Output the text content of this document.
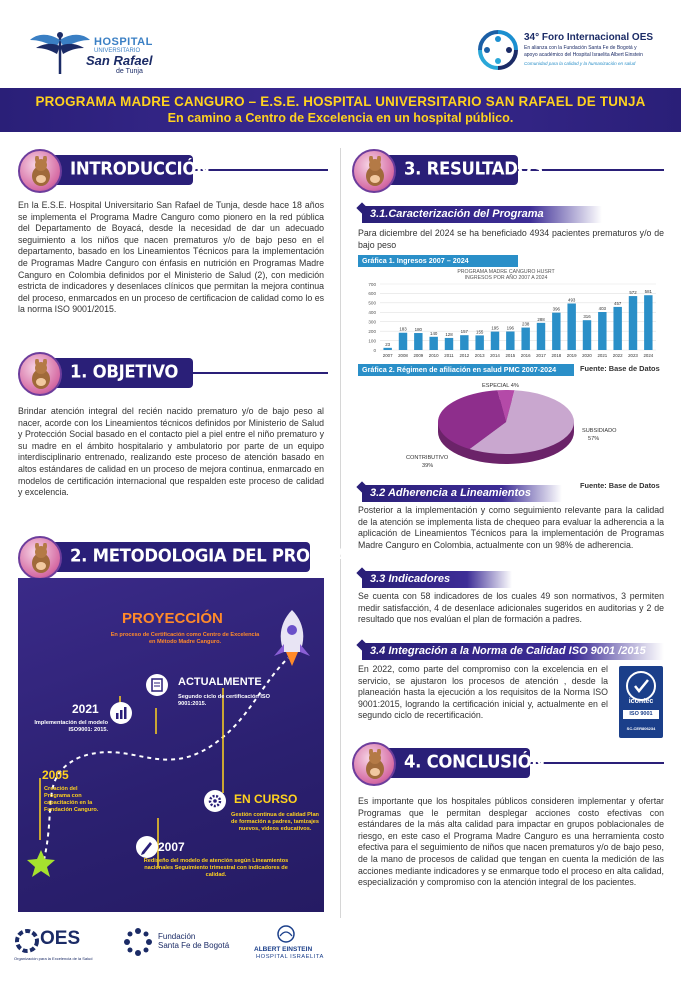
HOSPITAL
UNIVERSITARIO
San Rafael
de Tunja
34° Foro Internacional OES
En alianza con la Fundación Santa Fe de Bogotá y
apoyo académico del Hospital Israelita Albert Einstein
Comunidad para la calidad y la humanización en salud
PROGRAMA MADRE CANGURO – E.S.E. HOSPITAL UNIVERSITARIO SAN RAFAEL DE TUNJA
En camino a Centro de Excelencia en un hospital público.
INTRODUCCIÓN
En la E.S.E. Hospital Universitario San Rafael de Tunja, desde hace 18 años se implementa el Programa Madre Canguro como pionero en la red pública del Departamento de Boyacá, desde la necesidad de dar un adecuado seguimiento a los niños que nacen prematuros y/o de bajo peso en el departamento, basado en los Lineamientos Técnicos para la implementación de Programas Madre Canguro con énfasis en nutrición en Programas Madre Canguro en Colombia definidos por el Ministerio de Salud (2), con medición estricta de indicadores y desenlaces clínicos que permitan la mejora continua del proceso, enmarcados en un proceso de certificacion de calidad como lo es la norma ISO 9001/2015.
1. OBJETIVO
Brindar atención integral del recién nacido prematuro y/o de bajo peso al nacer, acorde con los Lineamientos técnicos definidos por Ministerio de Salud y Protección Social basado en el contacto piel a piel entre el niño prematuro y su madre en el ámbito hospitalario y ambulatorio por parte de un equipo interdisciplinario entrenado, realizando este proceso de atención basado en altos estándares de calidad en un proceso de mejora continua, enmarcado en modelos de certificación internacional que respalden este proceso de calidad y excelencia.
2. METODOLOGIA DEL PROGRAMA
PROYECCIÓN
En proceso de Certificación como Centro de Excelencia en Método Madre Canguro.
ACTUALMENTE
Segundo ciclo de certificación ISO 9001:2015.
2021
Implementación del modelo ISO9001: 2015.
2005
Creación del Programa con capacitación en la Fundación Canguro.
EN CURSO
Gestión continua de calidad Plan de formación a padres, tamizajes nuevos, videos educativos.
2007
Rediseño del modelo de atención según Lineamientos nacionales Seguimiento trimestral con indicadores de calidad.
3. RESULTADOS
3.1.Caracterización del Programa
Para diciembre del 2024 se ha beneficiado 4934 pacientes prematuros y/o de bajo peso
Gráfica 1. Ingresos 2007 – 2024
PROGRAMA MADRE CANGURO HUSRT
INGRESOS POR AÑO 2007 A 2024
23
183 180
140 128
157 155
195 196
238
288
396
493
316
403
457
572 581
2007 2008 2009 2010 2011 2012 2013 2014 2015 2016 2017 2018 2019 2020 2021 2022 2023 2024
700
600
500
400
300
200
100
0
Gráfica 2. Régimen de afiliación en salud PMC 2007-2024	Fuente: Base de Datos
ESPECIAL 4%
SUBSIDIADO
57%
CONTRIBUTIVO
39%
Fuente: Base de Datos
3.2 Adherencia a Lineamientos
Posterior a la implementación y como seguimiento relevante para la calidad de la atención se implementa lista de chequeo para evaluar la adherencia a la aplicación de Lineamientos Técnicos para la implementación de Programas Madre Canguro en Colombia, actualmente con un 98% de adherencia.
3.3 Indicadores
Se cuenta con 58 indicadores de los cuales 49 son normativos, 3 permiten medir satisfacción, 4 de desenlace adicionales sugeridos en auditorias y 2 de resultado que nos evalúan el plan de formación a padres.
3.4 Integración a la Norma de Calidad ISO 9001 /2015
En 2022, como parte del compromiso con la excelencia en el servicio, se ajustaron los procesos de atención , desde la planeación hasta la ejecución a los requisitos de la Norma ISO 9001:2015, logrando la certificación inicial y, actualmente en el segundo ciclo de recertificación.
icontec
ISO 9001
SC-CER806234
4. CONCLUSIÓN
Es importante que los hospitales públicos consideren implementar y ofertar Programas que le permitan desplegar acciones costo efectivas con estándares de la más alta calidad para impactar en grupos poblacionales de riesgo, en este caso el Programa Madre Canguro es una herramienta costo efectiva para el seguimiento de niños que nacen prematuros y/o de bajo peso, de la mano de procesos de calidad que tengan en cuenta la medición de las acciones mediante indicadores y se enmarque todo el proceso en alta calidad, especialización y compromiso con la atención integral de los pacientes.
OES
Organización para la Excelencia de la Salud
Fundación
Santa Fe de Bogotá	ALBERT EINSTEIN
HOSPITAL ISRAELITA
